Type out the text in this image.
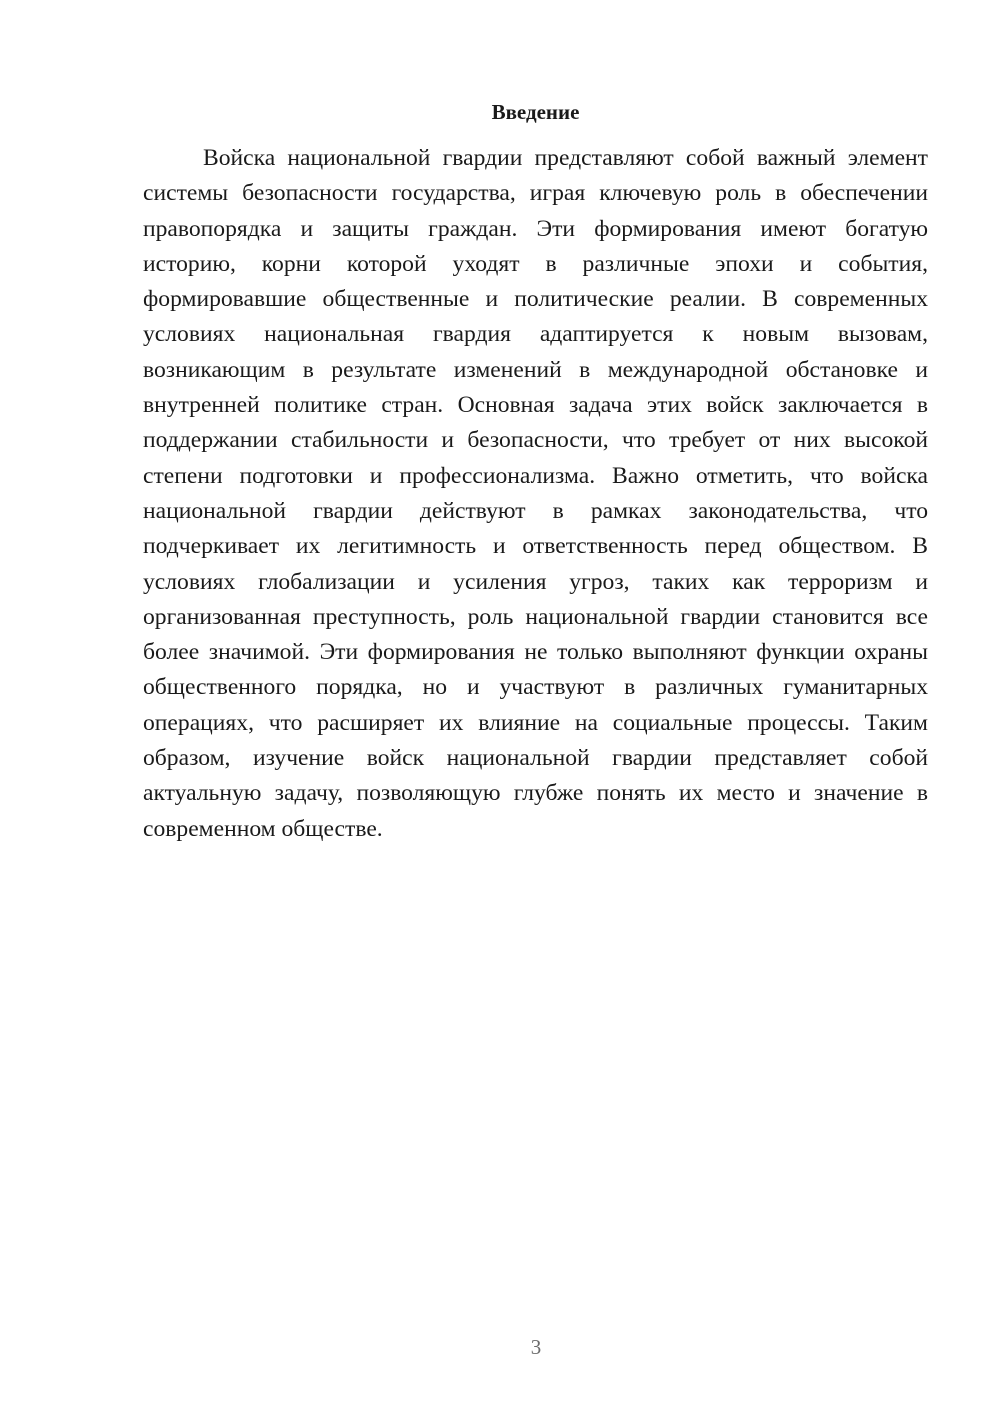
Введение

Войска национальной гвардии представляют собой важный элемент системы безопасности государства, играя ключевую роль в обеспечении правопорядка и защиты граждан. Эти формирования имеют богатую историю, корни которой уходят в различные эпохи и события, формировавшие общественные и политические реалии. В современных условиях национальная гвардия адаптируется к новым вызовам, возникающим в результате изменений в международной обстановке и внутренней политике стран. Основная задача этих войск заключается в поддержании стабильности и безопасности, что требует от них высокой степени подготовки и профессионализма. Важно отметить, что войска национальной гвардии действуют в рамках законодательства, что подчеркивает их легитимность и ответственность перед обществом. В условиях глобализации и усиления угроз, таких как терроризм и организованная преступность, роль национальной гвардии становится все более значимой. Эти формирования не только выполняют функции охраны общественного порядка, но и участвуют в различных гуманитарных операциях, что расширяет их влияние на социальные процессы. Таким образом, изучение войск национальной гвардии представляет собой актуальную задачу, позволяющую глубже понять их место и значение в современном обществе.

3
